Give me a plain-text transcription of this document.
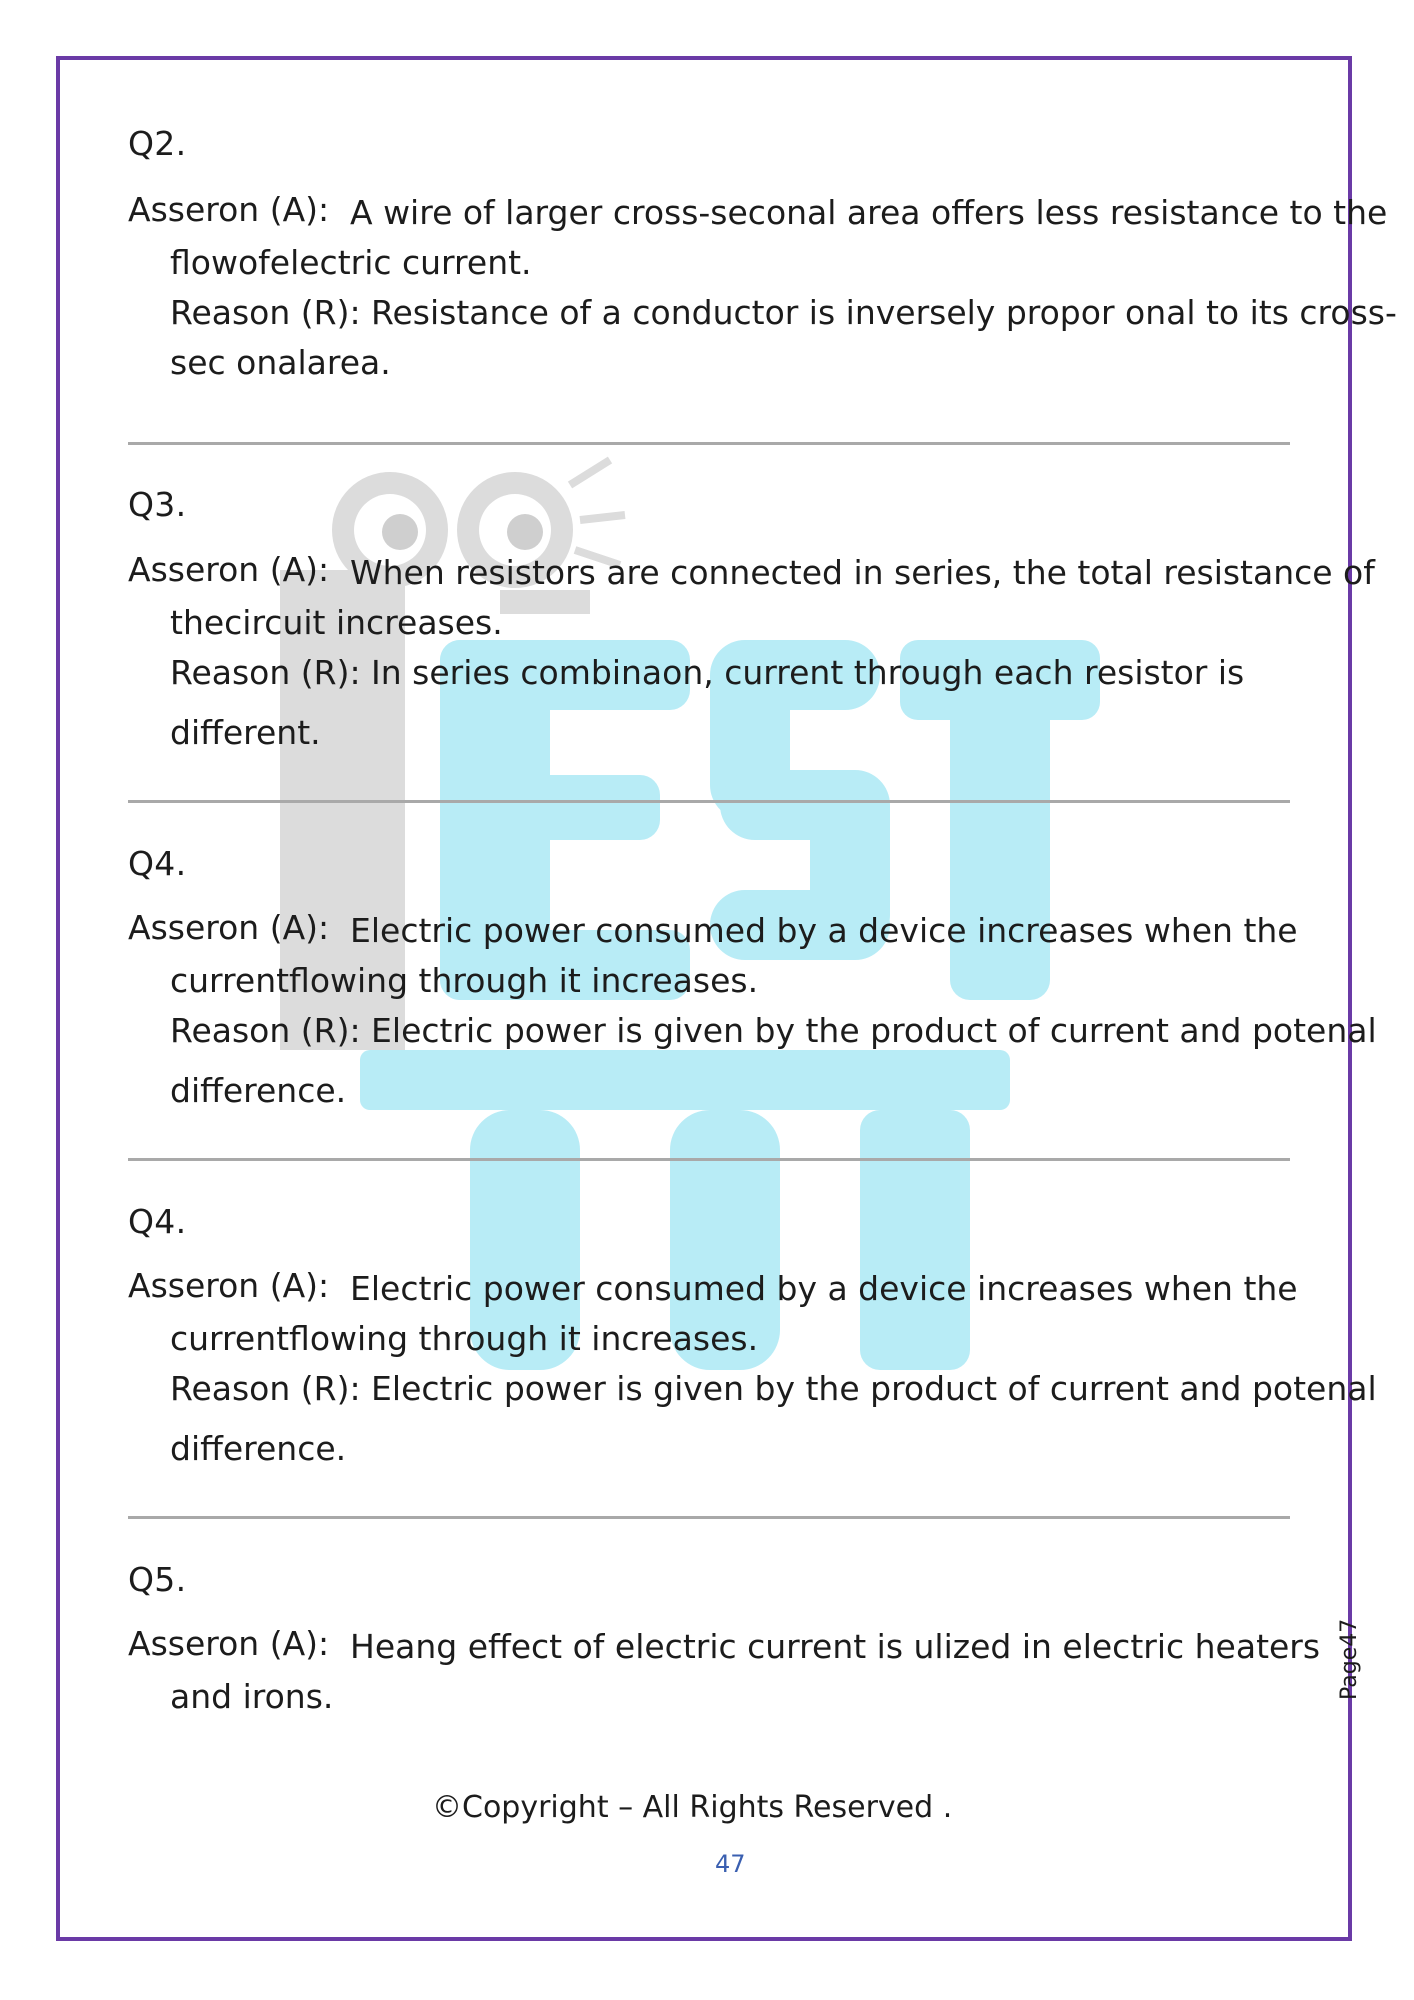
Q2.
Asseron (A): A wire of larger cross-seconal area offers less resistance to the
flowofelectric current.
Reason (R): Resistance of a conductor is inversely propor onal to its cross-
sec onalarea.
Q3.
Asseron (A): When resistors are connected in series, the total resistance of
thecircuit increases.
Reason (R): In series combinaon, current through each resistor is
different.
Q4.
Asseron (A): Electric power consumed by a device increases when the
currentflowing through it increases.
Reason (R): Electric power is given by the product of current and potenal
difference.
Q4.
Asseron (A): Electric power consumed by a device increases when the
currentflowing through it increases.
Reason (R): Electric power is given by the product of current and potenal
difference.
Q5.
Asseron (A): Heang effect of electric current is ulized in electric heaters
and irons.	Page47
©Copyright – All Rights Reserved .
47
